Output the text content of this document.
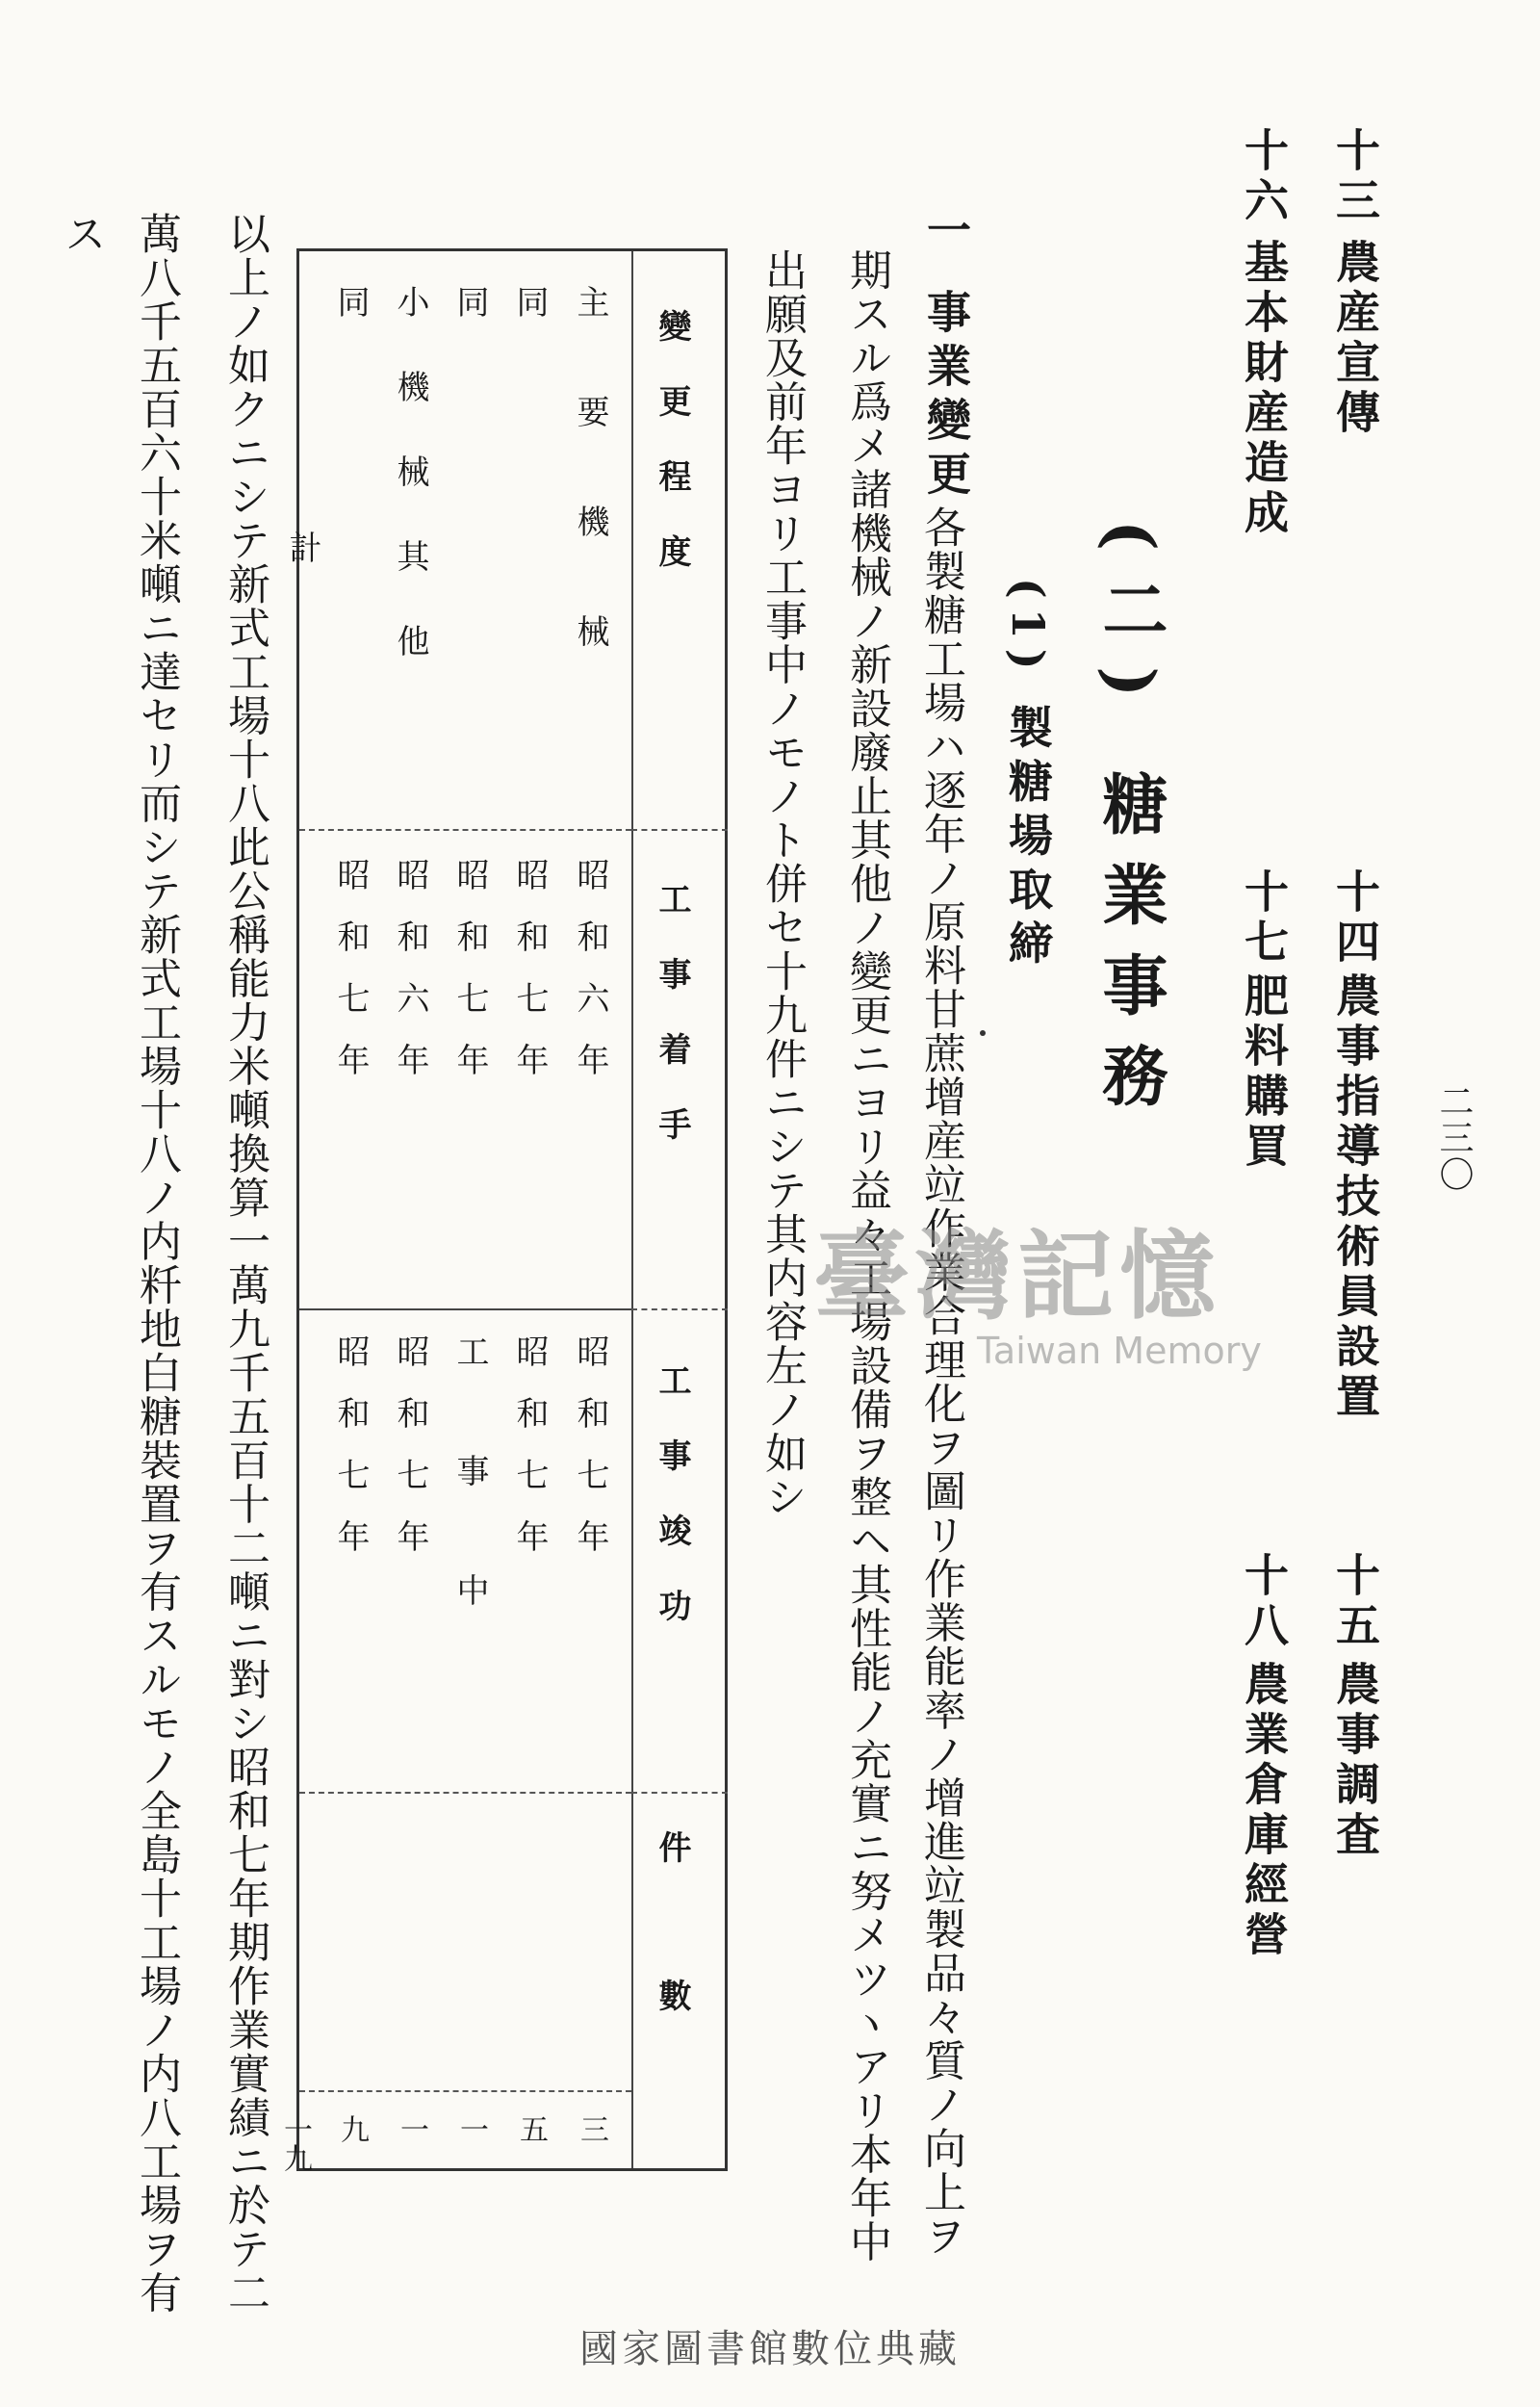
二三〇
十三
農産宣傳
十四
農事指導技術員設置
十五
農事調査
十六
基本財産造成
十七
肥料購買
十八
農業倉庫經營
(二) 糖業事務
(1) 製糖場取締
一
事業變更
各製糖工場ハ逐年ノ原料甘蔗增産竝作業合理化ヲ圖リ作業能率ノ增進竝製品々質ノ向上ヲ
期スル爲メ諸機械ノ新設廢止其他ノ變更ニヨリ益々工場設備ヲ整ヘ其性能ノ充實ニ努メツヽアリ本年中
出願及前年ヨリ工事中ノモノト併セ十九件ニシテ其内容左ノ如シ
變更程度
工事着手
工事竣功
件數
主要機械
昭和六年
昭和七年
三
同
昭和七年
昭和七年
五
同
昭和七年
工事中
一
小機械其他
昭和六年
昭和七年
一
同
昭和七年
昭和七年
九
計
一九
以上ノ如クニシテ新式工場十八此公稱能力米噸換算一萬九千五百十二噸ニ對シ昭和七年期作業實績ニ於テ二
萬八千五百六十米噸ニ達セリ而シテ新式工場十八ノ内粁地白糖裝置ヲ有スルモノ全島十工場ノ内八工場ヲ有
ス
臺灣記憶
Taiwan Memory
國家圖書館數位典藏
